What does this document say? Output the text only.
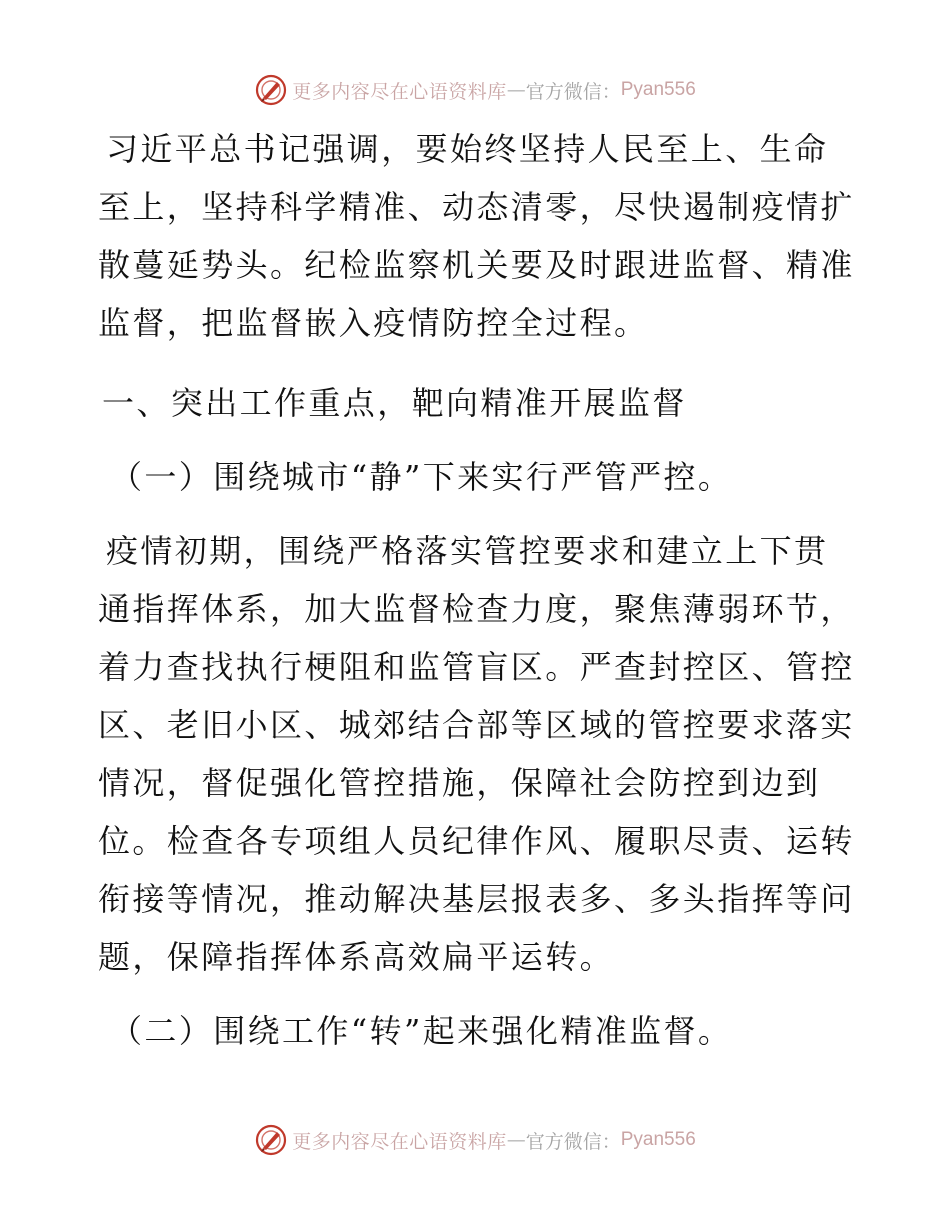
更多内容尽在心语资料库 — 官方微信： Pyan556

习近平总书记强调，要始终坚持人民至上、生命
至上，坚持科学精准、动态清零，尽快遏制疫情扩
散蔓延势头。纪检监察机关要及时跟进监督、精准
监督，把监督嵌入疫情防控全过程。

一、突出工作重点，靶向精准开展监督
（一）围绕城市“静”下来实行严管严控。

疫情初期，围绕严格落实管控要求和建立上下贯
通指挥体系，加大监督检查力度，聚焦薄弱环节，
着力查找执行梗阻和监管盲区。严查封控区、管控
区、老旧小区、城郊结合部等区域的管控要求落实
情况，督促强化管控措施，保障社会防控到边到
位。检查各专项组人员纪律作风、履职尽责、运转
衔接等情况，推动解决基层报表多、多头指挥等问
题，保障指挥体系高效扁平运转。

（二）围绕工作“转”起来强化精准监督。
更多内容尽在心语资料库 — 官方微信： Pyan556
